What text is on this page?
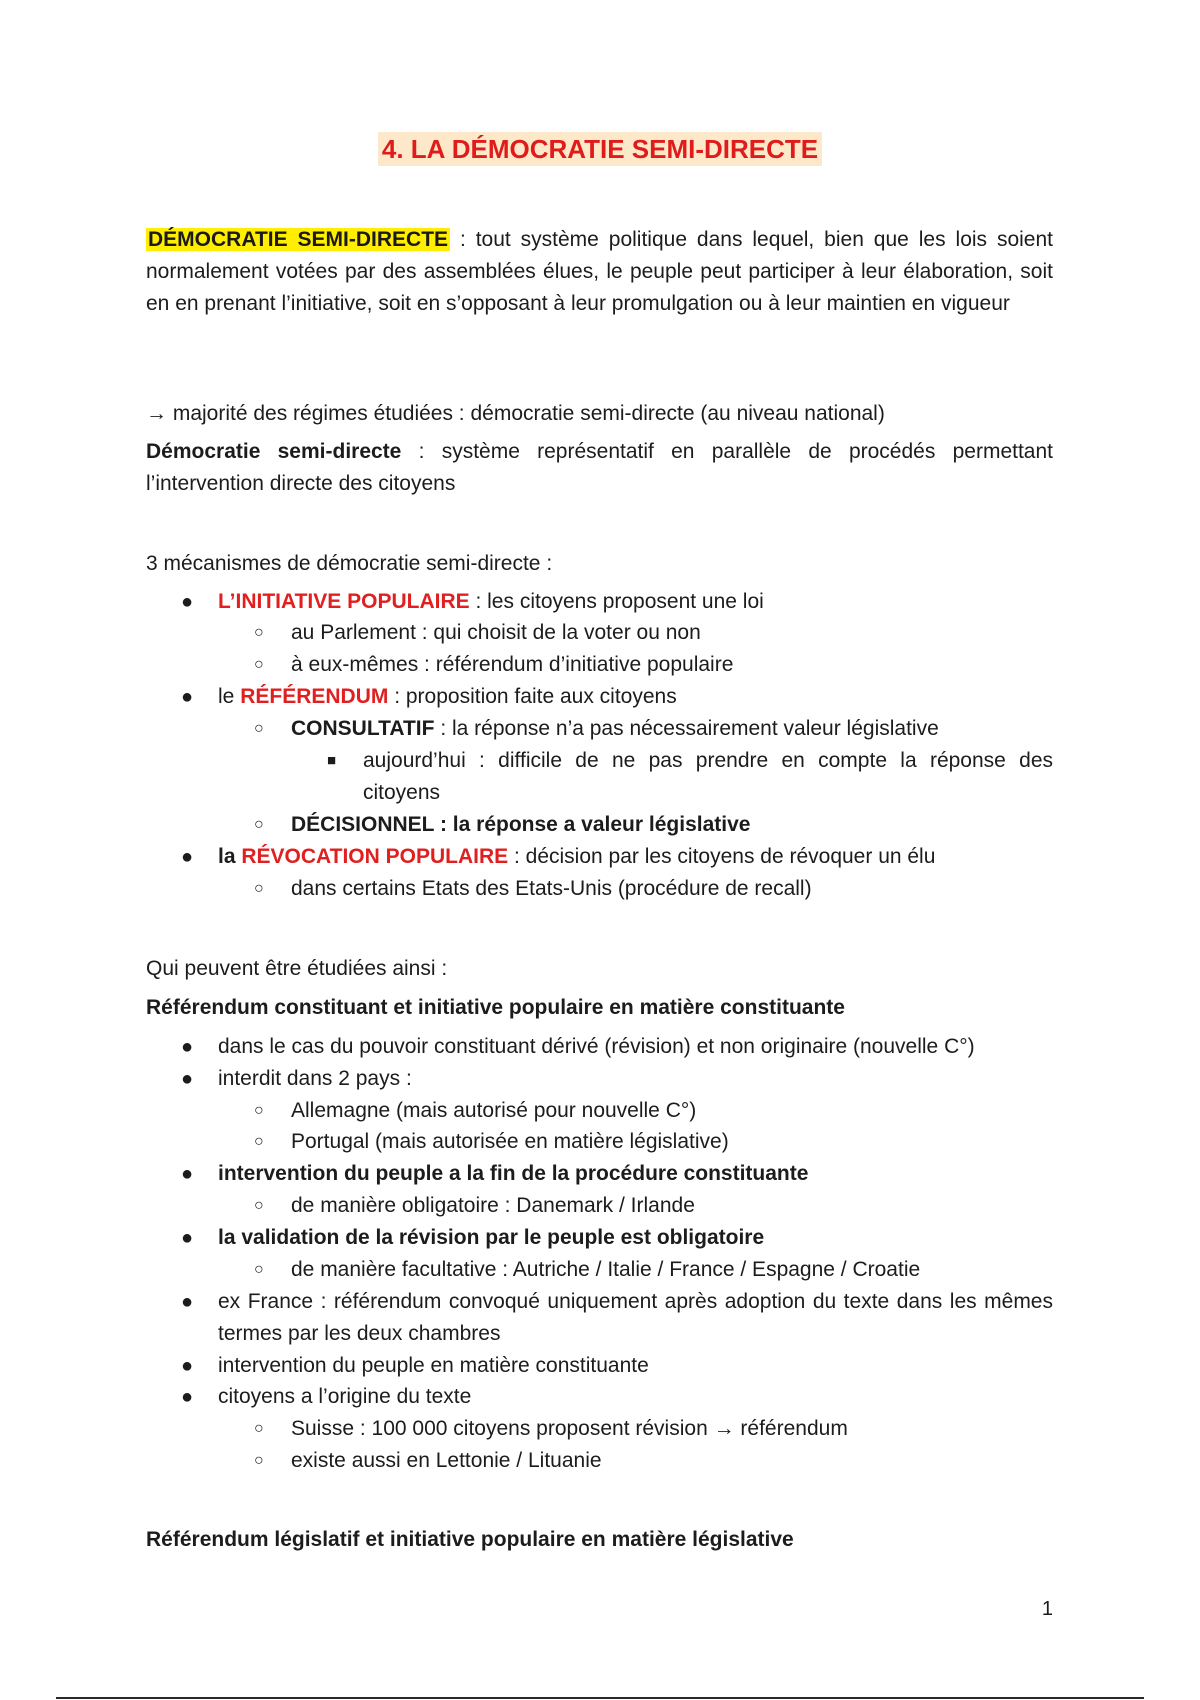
4. LA DÉMOCRATIE SEMI-DIRECTE
DÉMOCRATIE SEMI-DIRECTE : tout système politique dans lequel, bien que les lois soient normalement votées par des assemblées élues, le peuple peut participer à leur élaboration, soit en en prenant l’initiative, soit en s’opposant à leur promulgation ou à leur maintien en vigueur
→ majorité des régimes étudiées : démocratie semi-directe (au niveau national)
Démocratie semi-directe : système représentatif en parallèle de procédés permettant l’intervention directe des citoyens
3 mécanismes de démocratie semi-directe :
● L’INITIATIVE POPULAIRE : les citoyens proposent une loi
○ au Parlement : qui choisit de la voter ou non
○ à eux-mêmes : référendum d’initiative populaire
● le RÉFÉRENDUM : proposition faite aux citoyens
○ CONSULTATIF : la réponse n’a pas nécessairement valeur législative
■ aujourd’hui : difficile de ne pas prendre en compte la réponse des
citoyens
○ DÉCISIONNEL : la réponse a valeur législative
● la RÉVOCATION POPULAIRE : décision par les citoyens de révoquer un élu
○ dans certains Etats des Etats-Unis (procédure de recall)
Qui peuvent être étudiées ainsi :
Référendum constituant et initiative populaire en matière constituante
● dans le cas du pouvoir constituant dérivé (révision) et non originaire (nouvelle C°)
● interdit dans 2 pays :
○ Allemagne (mais autorisé pour nouvelle C°)
○ Portugal (mais autorisée en matière législative)
● intervention du peuple a la fin de la procédure constituante
○ de manière obligatoire : Danemark / Irlande
● la validation de la révision par le peuple est obligatoire
○ de manière facultative : Autriche / Italie / France / Espagne / Croatie
● ex France : référendum convoqué uniquement après adoption du texte dans les mêmes
termes par les deux chambres
● intervention du peuple en matière constituante
● citoyens a l’origine du texte
○ Suisse : 100 000 citoyens proposent révision → référendum
○ existe aussi en Lettonie / Lituanie
Référendum législatif et initiative populaire en matière législative
1
